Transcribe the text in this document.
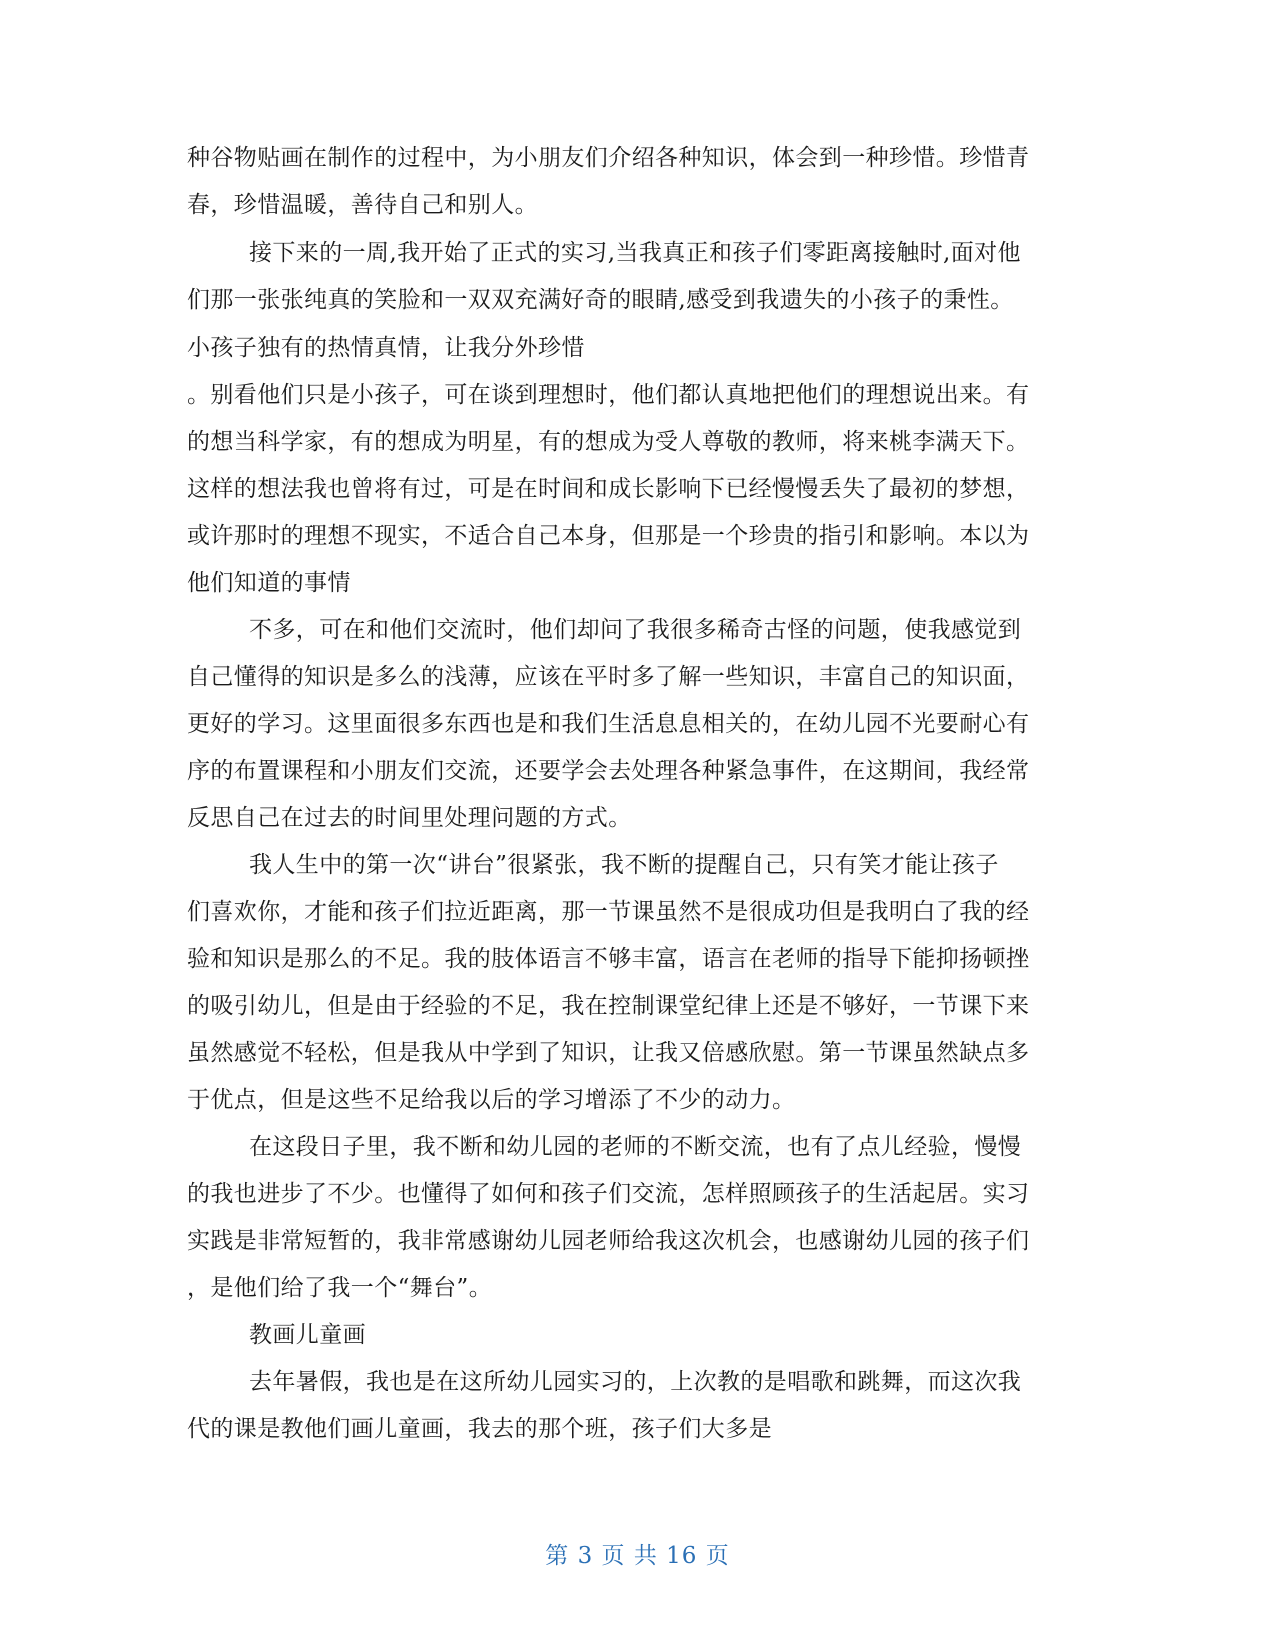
种谷物贴画在制作的过程中，为小朋友们介绍各种知识，体会到一种珍惜。珍惜青
春，珍惜温暖，善待自己和别人。
接下来的一周,我开始了正式的实习,当我真正和孩子们零距离接触时,面对他
们那一张张纯真的笑脸和一双双充满好奇的眼睛,感受到我遗失的小孩子的秉性。
小孩子独有的热情真情，让我分外珍惜
。别看他们只是小孩子，可在谈到理想时，他们都认真地把他们的理想说出来。有
的想当科学家，有的想成为明星，有的想成为受人尊敬的教师，将来桃李满天下。
这样的想法我也曾将有过，可是在时间和成长影响下已经慢慢丢失了最初的梦想，
或许那时的理想不现实，不适合自己本身，但那是一个珍贵的指引和影响。本以为
他们知道的事情
不多，可在和他们交流时，他们却问了我很多稀奇古怪的问题，使我感觉到
自己懂得的知识是多么的浅薄，应该在平时多了解一些知识，丰富自己的知识面，
更好的学习。这里面很多东西也是和我们生活息息相关的，在幼儿园不光要耐心有
序的布置课程和小朋友们交流，还要学会去处理各种紧急事件，在这期间，我经常
反思自己在过去的时间里处理问题的方式。
我人生中的第一次“讲台”很紧张，我不断的提醒自己，只有笑才能让孩子
们喜欢你，才能和孩子们拉近距离，那一节课虽然不是很成功但是我明白了我的经
验和知识是那么的不足。我的肢体语言不够丰富，语言在老师的指导下能抑扬顿挫
的吸引幼儿，但是由于经验的不足，我在控制课堂纪律上还是不够好，一节课下来
虽然感觉不轻松，但是我从中学到了知识，让我又倍感欣慰。第一节课虽然缺点多
于优点，但是这些不足给我以后的学习增添了不少的动力。
在这段日子里，我不断和幼儿园的老师的不断交流，也有了点儿经验，慢慢
的我也进步了不少。也懂得了如何和孩子们交流，怎样照顾孩子的生活起居。实习
实践是非常短暂的，我非常感谢幼儿园老师给我这次机会，也感谢幼儿园的孩子们
，是他们给了我一个“舞台”。
教画儿童画
去年暑假，我也是在这所幼儿园实习的，上次教的是唱歌和跳舞，而这次我
代的课是教他们画儿童画，我去的那个班，孩子们大多是
第 3 页 共 16 页
